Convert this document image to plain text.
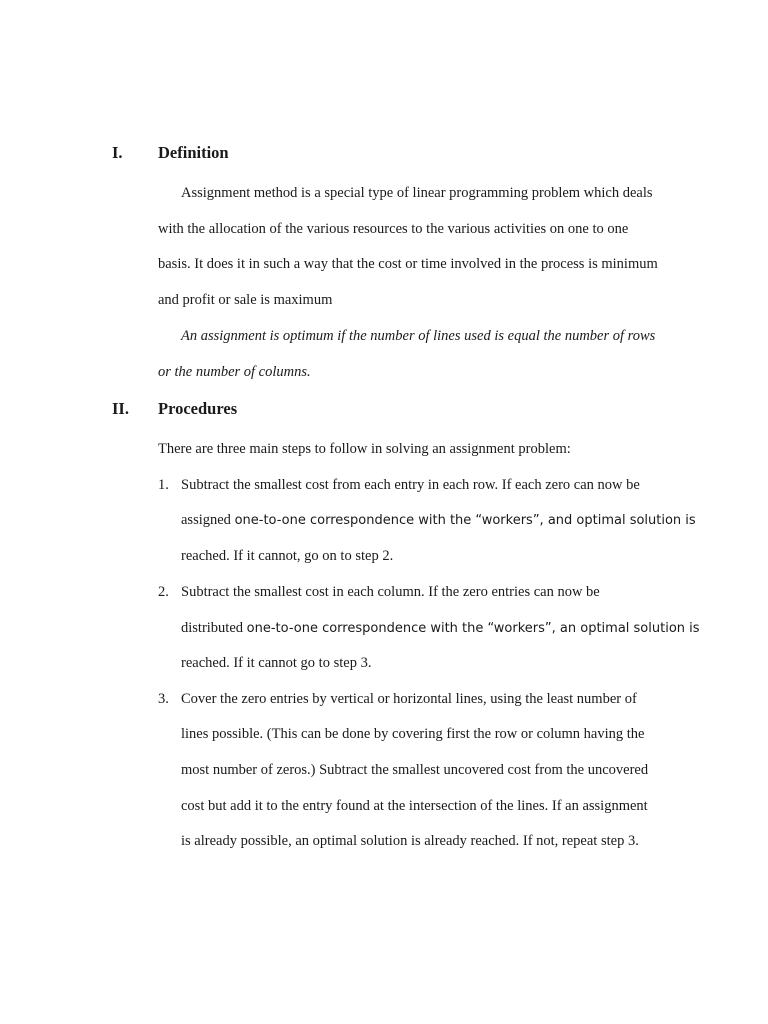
I. Definition
Assignment method is a special type of linear programming problem which deals
with the allocation of the various resources to the various activities on one to one
basis. It does it in such a way that the cost or time involved in the process is minimum
and profit or sale is maximum
An assignment is optimum if the number of lines used is equal the number of rows
or the number of columns.
II. Procedures
There are three main steps to follow in solving an assignment problem:
1. Subtract the smallest cost from each entry in each row. If each zero can now be
assigned one-to-one correspondence with the “workers”, and optimal solution is
reached. If it cannot, go on to step 2.
2. Subtract the smallest cost in each column. If the zero entries can now be
distributed one-to-one correspondence with the “workers”, an optimal solution is
reached. If it cannot go to step 3.
3. Cover the zero entries by vertical or horizontal lines, using the least number of
lines possible. (This can be done by covering first the row or column having the
most number of zeros.) Subtract the smallest uncovered cost from the uncovered
cost but add it to the entry found at the intersection of the lines. If an assignment
is already possible, an optimal solution is already reached. If not, repeat step 3.
